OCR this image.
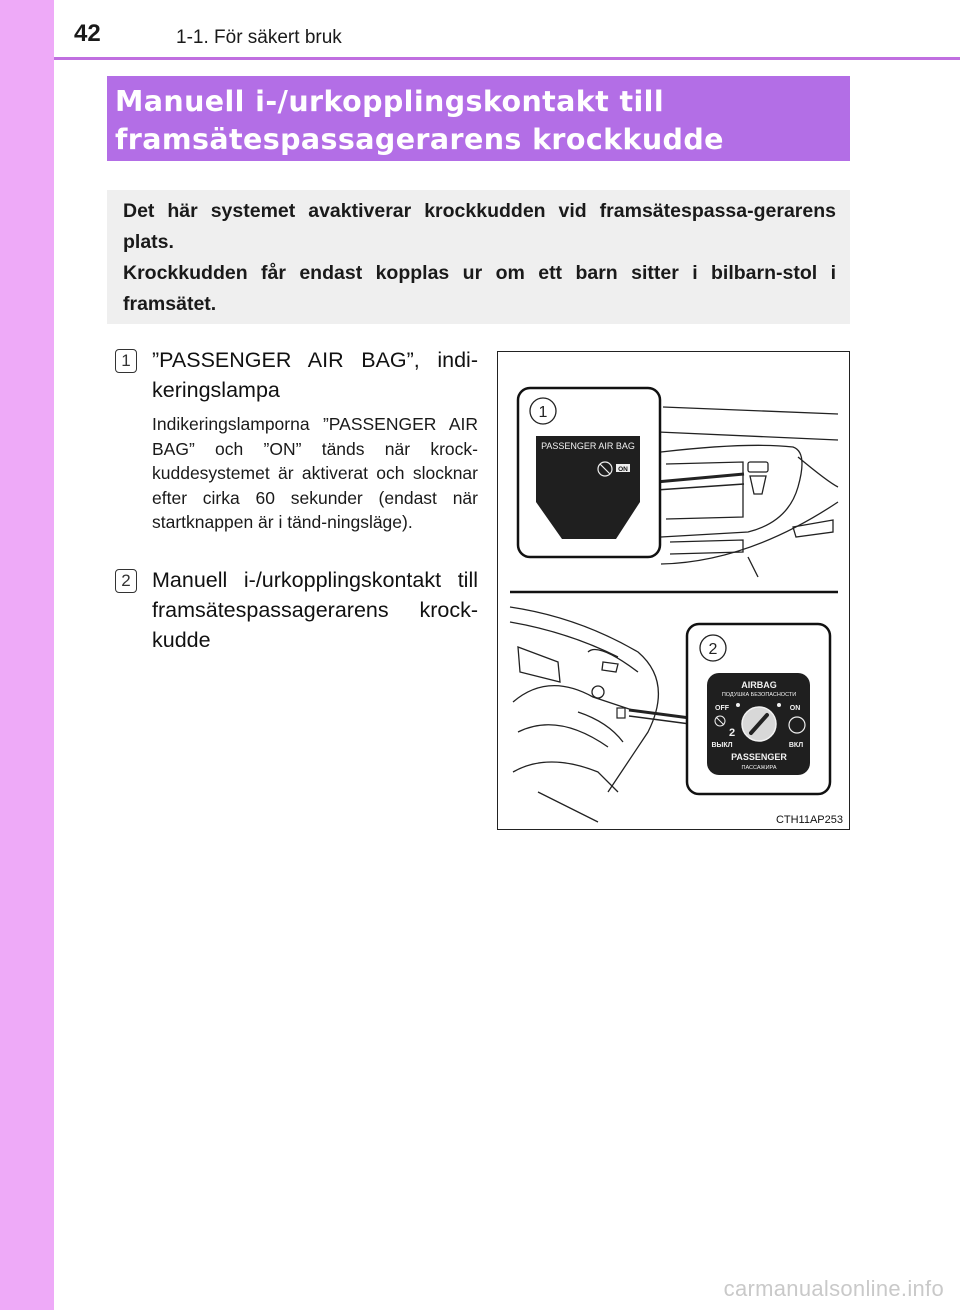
42	1-1. För säkert bruk
Manuell i-/urkopplingskontakt till
framsätespassagerarens krockkudde

Det här systemet avaktiverar krockkudden vid framsätespassa-gerarens plats.

Krockkudden får endast kopplas ur om ett barn sitter i bilbarn-stol i framsätet.

1 ”PASSENGER AIR BAG”, indi-keringslampa
Indikeringslamporna ”PASSENGER AIR BAG” och ”ON” tänds när krock-kuddesystemet är aktiverat och slocknar efter cirka 60 sekunder (endast när startknappen är i tänd-ningsläge).
2 Manuell i-/urkopplingskontakt till framsätespassagerarens krock-kudde
1
PASSENGER AIR BAG
ON
2
AIRBAG
ПОДУШКА БЕЗОПАСНОСТИ
OFF	ON
2
ВЫКЛ	ВКЛ
PASSENGER
ПАССАЖИРА
CTH11AP253
carmanualsonline.info
